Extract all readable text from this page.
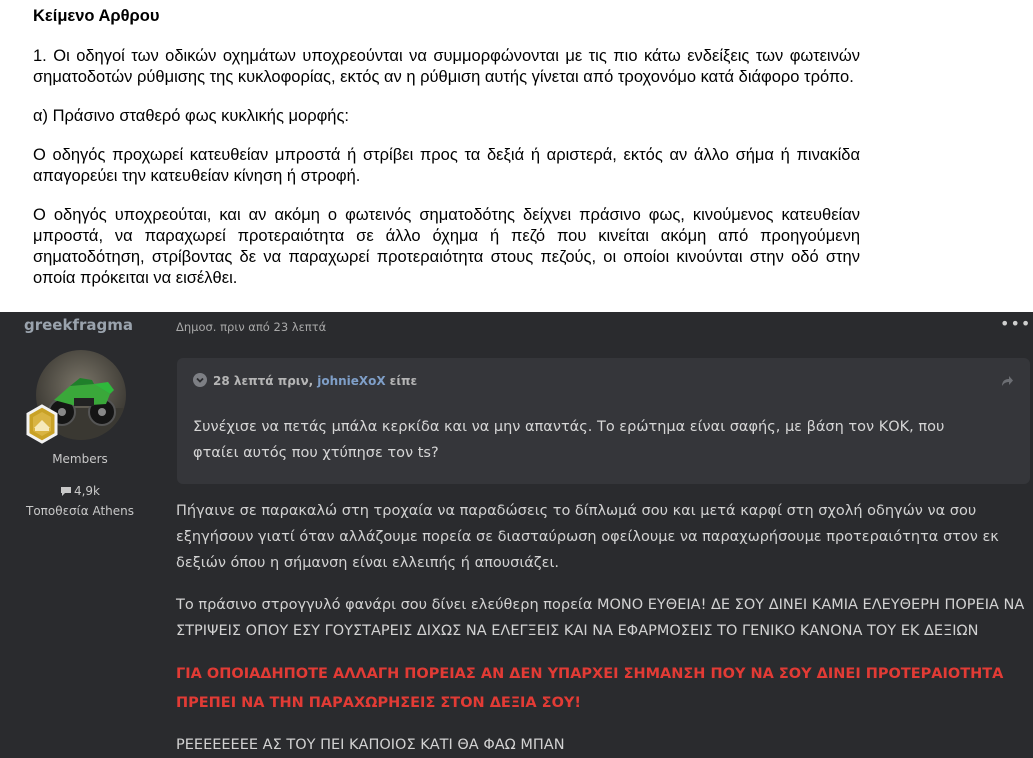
Κείμενο Αρθρου

1. Οι οδηγοί των οδικών οχημάτων υποχρεούνται να συμμορφώνονται με τις πιο κάτω ενδείξεις των φωτεινών σηματοδοτών ρύθμισης της κυκλοφορίας, εκτός αν η ρύθμιση αυτής γίνεται από τροχονόμο κατά διάφορο τρόπο.

α) Πράσινο σταθερό φως κυκλικής μορφής:

Ο οδηγός προχωρεί κατευθείαν μπροστά ή στρίβει προς τα δεξιά ή αριστερά, εκτός αν άλλο σήμα ή πινακίδα απαγορεύει την κατευθείαν κίνηση ή στροφή.

Ο οδηγός υποχρεούται, και αν ακόμη ο φωτεινός σηματοδότης δείχνει πράσινο φως, κινούμενος κατευθείαν μπροστά, να παραχωρεί προτεραιότητα σε άλλο όχημα ή πεζό που κινείται ακόμη από προηγούμενη σηματοδότηση, στρίβοντας δε να παραχωρεί προτεραιότητα στους πεζούς, οι οποίοι κινούνται στην οδό στην οποία πρόκειται να εισέλθει.

greekfragma
Members
4,9k
Τοποθεσία Athens
Δημοσ. πριν από 23 λεπτά	•••
28 λεπτά πριν, johnieXoX είπε
Συνέχισε να πετάς μπάλα κερκίδα και να μην απαντάς. Το ερώτημα είναι σαφής, με βάση τον ΚΟΚ, που φταίει αυτός που χτύπησε τον ts?

Πήγαινε σε παρακαλώ στη τροχαία να παραδώσεις το δίπλωμά σου και μετά καρφί στη σχολή οδηγών να σου εξηγήσουν γιατί όταν αλλάζουμε πορεία σε διασταύρωση οφείλουμε να παραχωρήσουμε προτεραιότητα στον εκ δεξιών όπου η σήμανση είναι ελλειπής ή απουσιάζει.

Το πράσινο στρογγυλό φανάρι σου δίνει ελεύθερη πορεία ΜΟΝΟ ΕΥΘΕΙΑ! ΔΕ ΣΟΥ ΔΙΝΕΙ ΚΑΜΙΑ ΕΛΕΥΘΕΡΗ ΠΟΡΕΙΑ ΝΑ ΣΤΡΙΨΕΙΣ ΟΠΟΥ ΕΣΥ ΓΟΥΣΤΑΡΕΙΣ ΔΙΧΩΣ ΝΑ ΕΛΕΓΞΕΙΣ ΚΑΙ ΝΑ ΕΦΑΡΜΟΣΕΙΣ ΤΟ ΓΕΝΙΚΟ ΚΑΝΟΝΑ ΤΟΥ ΕΚ ΔΕΞΙΩΝ

ΓΙΑ ΟΠΟΙΑΔΗΠΟΤΕ ΑΛΛΑΓΗ ΠΟΡΕΙΑΣ ΑΝ ΔΕΝ ΥΠΑΡΧΕΙ ΣΗΜΑΝΣΗ ΠΟΥ ΝΑ ΣΟΥ ΔΙΝΕΙ ΠΡΟΤΕΡΑΙΟΤΗΤΑ ΠΡΕΠΕΙ ΝΑ ΤΗΝ ΠΑΡΑΧΩΡΗΣΕΙΣ ΣΤΟΝ ΔΕΞΙΑ ΣΟΥ!

ΡΕΕΕΕΕΕΕΕ ΑΣ ΤΟΥ ΠΕΙ ΚΑΠΟΙΟΣ ΚΑΤΙ ΘΑ ΦΑΩ ΜΠΑΝ
